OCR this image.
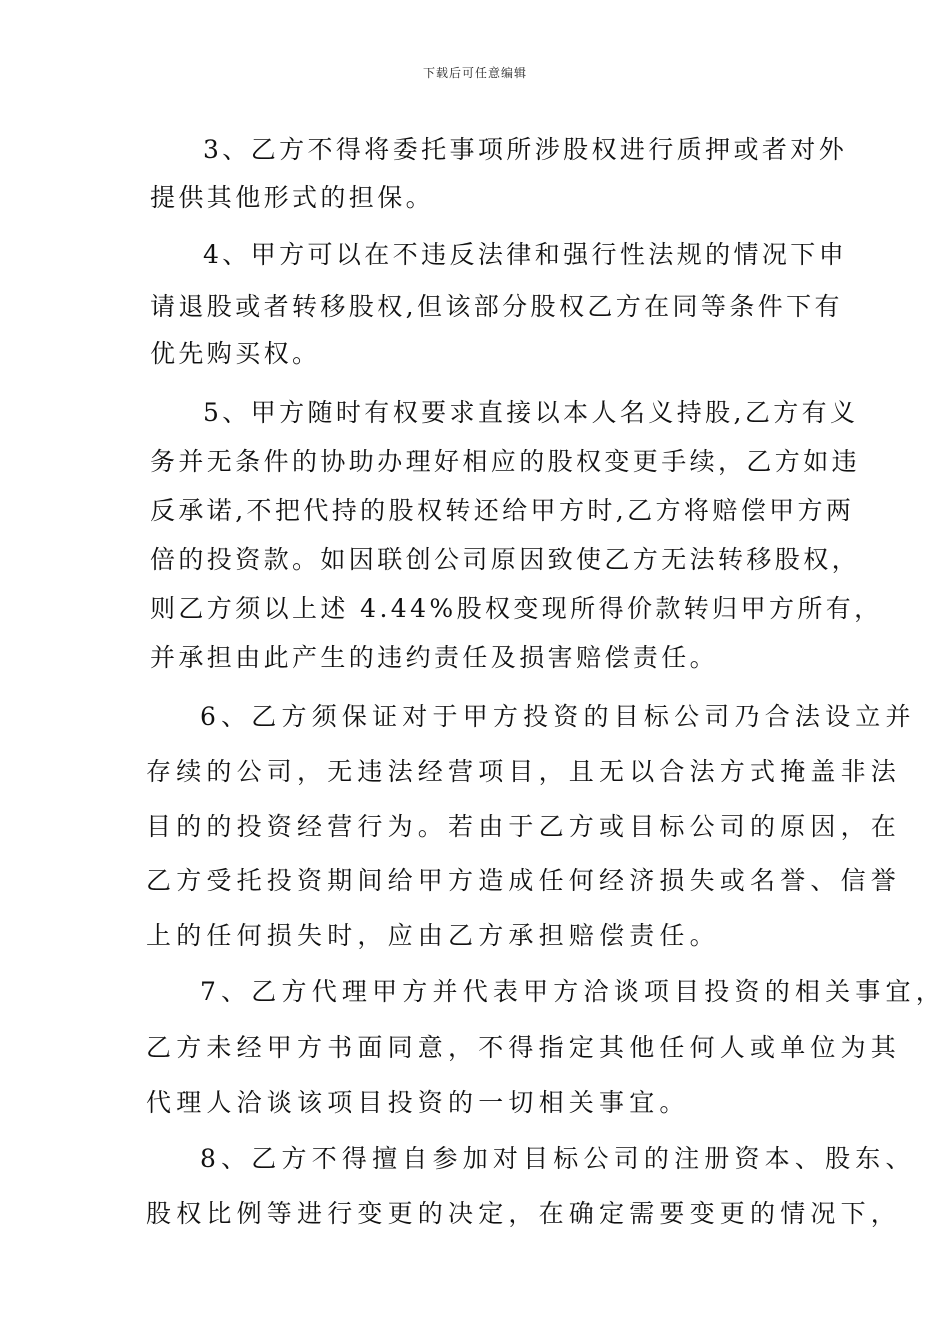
下载后可任意编辑
3、乙方不得将委托事项所涉股权进行质押或者对外
提供其他形式的担保。
4、甲方可以在不违反法律和强行性法规的情况下申
请退股或者转移股权,但该部分股权乙方在同等条件下有
优先购买权。
5、甲方随时有权要求直接以本人名义持股,乙方有义
务并无条件的协助办理好相应的股权变更手续，乙方如违
反承诺,不把代持的股权转还给甲方时,乙方将赔偿甲方两
倍的投资款。如因联创公司原因致使乙方无法转移股权，
则乙方须以上述 4.44%股权变现所得价款转归甲方所有，
并承担由此产生的违约责任及损害赔偿责任。
6、乙方须保证对于甲方投资的目标公司乃合法设立并
存续的公司，无违法经营项目，且无以合法方式掩盖非法
目的的投资经营行为。若由于乙方或目标公司的原因，在
乙方受托投资期间给甲方造成任何经济损失或名誉、信誉
上的任何损失时，应由乙方承担赔偿责任。
7、乙方代理甲方并代表甲方洽谈项目投资的相关事宜，
乙方未经甲方书面同意，不得指定其他任何人或单位为其
代理人洽谈该项目投资的一切相关事宜。
8、乙方不得擅自参加对目标公司的注册资本、股东、
股权比例等进行变更的决定，在确定需要变更的情况下，
